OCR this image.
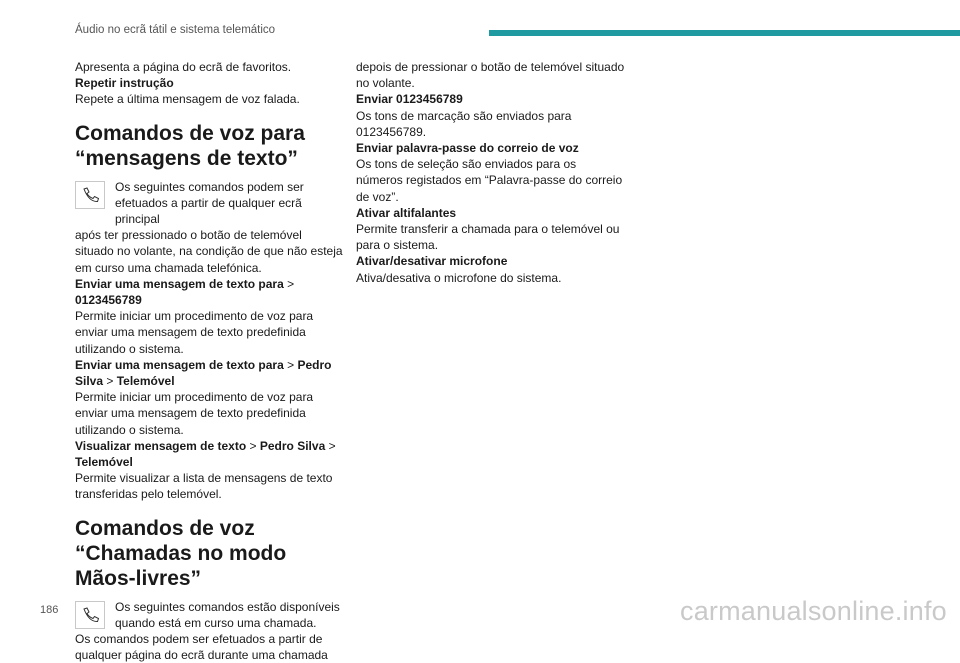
Áudio no ecrã tátil e sistema telemático

Apresenta a página do ecrã de favoritos.

Repetir instrução

Repete a última mensagem de voz falada.

Comandos de voz para “mensagens de texto”

Os seguintes comandos podem ser efetuados a partir de qualquer ecrã principal

após ter pressionado o botão de telemóvel situado no volante, na condição de que não esteja em curso uma chamada telefónica.

Enviar uma mensagem de texto para > 0123456789

Permite iniciar um procedimento de voz para enviar uma mensagem de texto predefinida utilizando o sistema.

Enviar uma mensagem de texto para > Pedro Silva > Telemóvel

Permite iniciar um procedimento de voz para enviar uma mensagem de texto predefinida utilizando o sistema.

Visualizar mensagem de texto > Pedro Silva > Telemóvel

Permite visualizar a lista de mensagens de texto transferidas pelo telemóvel.

Comandos de voz “Chamadas no modo Mãos-livres”

Os seguintes comandos estão disponíveis quando está em curso uma chamada.

Os comandos podem ser efetuados a partir de qualquer página do ecrã durante uma chamada

depois de pressionar o botão de telemóvel situado no volante.

Enviar 0123456789

Os tons de marcação são enviados para 0123456789.

Enviar palavra-passe do correio de voz

Os tons de seleção são enviados para os números registados em “Palavra-passe do correio de voz”.

Ativar altifalantes

Permite transferir a chamada para o telemóvel ou para o sistema.

Ativar/desativar microfone

Ativa/desativa o microfone do sistema.

186	carmanualsonline.info
